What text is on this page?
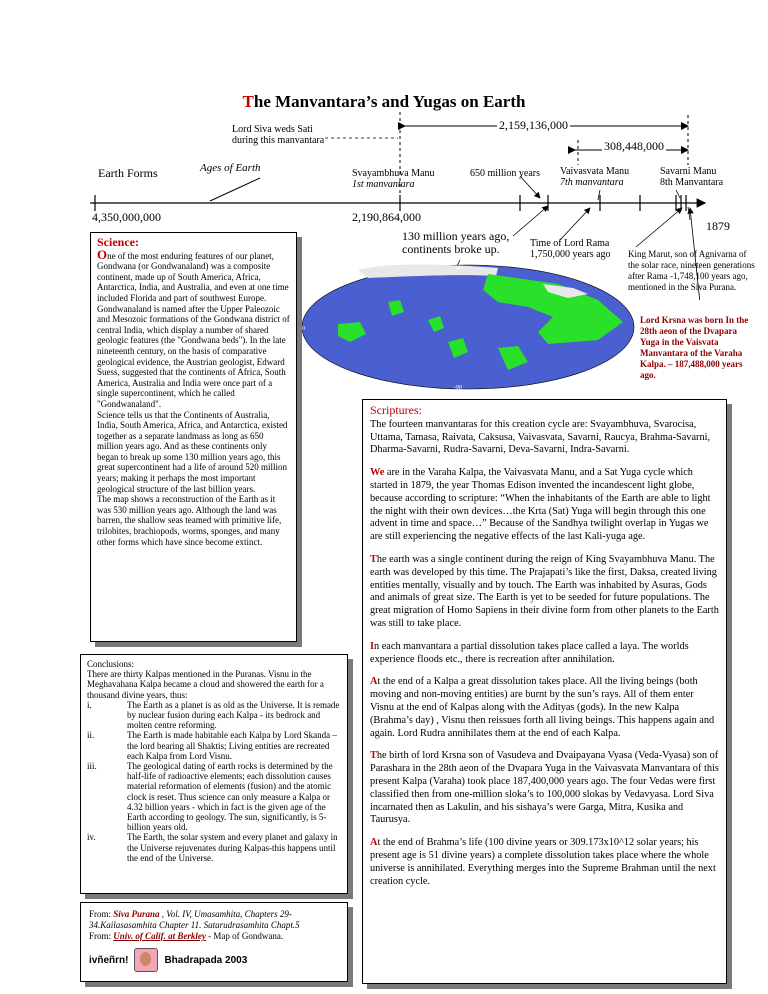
The Manvantara’s and Yugas on Earth
2,159,136,000
308,448,000
Lord Siva weds Sati
during this manvantara
Earth Forms	Ages of Earth	Svayambhuva Manu
1st manvantara
650 million years Vaivasvata Manu
7th manvantara
Savarni Manu
8th Manvantara
4,350,000,000	2,190,864,000
1879
130 million years ago,
continents broke up.	Time of Lord Rama
1,750,000 years ago King Marut, son of Agnivarna of the solar race, nineteen generations after Rama -1,748,100 years ago, mentioned in the Siva Purana.
Lord Krsna was born In the 28th aeon of the Dvapara Yuga in the Vaisvata Manvantara of the Varaha Kalpa. – 187,488,000 years ago.
90
45
0
-45
-90
Science:
One of the most enduring features of our planet, Gondwana (or Gondwanaland) was a composite continent, made up of South America, Africa, Antarctica, India, and Australia, and even at one time included Florida and part of southwest Europe. Gondwanaland is named after the Upper Paleozoic and Mesozoic formations of the Gondwana district of central India, which display a number of shared geologic features (the "Gondwana beds"). In the late nineteenth century, on the basis of comparative geological evidence, the Austrian geologist, Edward Suess, suggested that the continents of Africa, South America, Australia and India were once part of a single supercontinent, which he called "Gondwanaland".
Science tells us that the Continents of Australia, India, South America, Africa, and Antarctica, existed together as a separate landmass as long as 650 million years ago. And as these continents only began to break up some 130 million years ago, this great supercontinent had a life of around 520 million years; making it perhaps the most important geological structure of the last billion years.
The map shows a reconstruction of the Earth as it was 530 million years ago. Although the land was barren, the shallow seas teamed with primitive life, trilobites, brachiopods, worms, sponges, and many other forms which have since become extinct.
Conclusions:
There are thirty Kalpas mentioned in the Puranas. Visnu in the Meghavahana Kalpa became a cloud and showered the earth for a thousand divine years, thus:
i.	The Earth as a planet is as old as the Universe. It is remade by nuclear fusion during each Kalpa - its bedrock and molten centre reforming.
ii.	The Earth is made habitable each Kalpa by Lord Skanda – the lord bearing all Shaktis; Living entities are recreated each Kalpa from Lord Visnu.
iii.	The geological dating of earth rocks is determined by the half-life of radioactive elements; each dissolution causes material reformation of elements (fusion) and the atomic clock is reset. Thus science can only measure a Kalpa or 4.32 billion years - which in fact is the given age of the Earth according to geology. The sun, significantly, is 5-billion years old.
iv.	The Earth, the solar system and every planet and galaxy in the Universe rejuvenates during Kalpas-this happens until the end of the Universe.
From: Siva Purana , Vol. IV, Umasamhita, Chapters 29-34.Kailasasamhita Chapter 11. Satarudrasamhita Chapt.5
From: Univ. of Calif. at Berkley - Map of Gondwana.
ivñeñrn!	Bhadrapada 2003
Scriptures:

The fourteen manvantaras for this creation cycle are: Svayambhuva, Svarocisa, Uttama, Tamasa, Raivata, Caksusa, Vaivasvata, Savarni, Raucya, Brahma-Savarni, Dharma-Savarni, Rudra-Savarni, Deva-Savarni, Indra-Savarni.

We are in the Varaha Kalpa, the Vaivasvata Manu, and a Sat Yuga cycle which started in 1879, the year Thomas Edison invented the incandescent light globe, because according to scripture: “When the inhabitants of the Earth are able to light the night with their own devices…the Krta (Sat) Yuga will begin through this one advent in time and space…” Because of the Sandhya twilight overlap in Yugas we are still experiencing the negative effects of the last Kali-yuga age.

The earth was a single continent during the reign of King Svayambhuva Manu. The earth was developed by this time. The Prajapati’s like the first, Daksa, created living entities mentally, visually and by touch. The Earth was inhabited by Asuras, Gods and animals of great size. The Earth is yet to be seeded for future populations. The great migration of Homo Sapiens in their divine form from other planets to the Earth was still to take place.

In each manvantara a partial dissolution takes place called a laya. The worlds experience floods etc., there is recreation after annihilation.

At the end of a Kalpa a great dissolution takes place. All the living beings (both moving and non-moving entities) are burnt by the sun’s rays. All of them enter Visnu at the end of Kalpas along with the Adityas (gods). In the new Kalpa (Brahma’s day) , Visnu then reissues forth all living beings. This happens again and again. Lord Rudra annihilates them at the end of each Kalpa.

The birth of lord Krsna son of Vasudeva and Dvaipayana Vyasa (Veda-Vyasa) son of Parashara in the 28th aeon of the Dvapara Yuga in the Vaivasvata Manvantara of this present Kalpa (Varaha) took place 187,400,000 years ago. The four Vedas were first classified then from one-million sloka’s to 100,000 slokas by Vedavyasa. Lord Siva incarnated then as Lakulin, and his sishaya’s were Garga, Mitra, Kusika and Taurusya.

At the end of Brahma’s life (100 divine years or 309.173x10^12 solar years; his present age is 51 divine years) a complete dissolution takes place where the whole universe is annihilated. Everything merges into the Supreme Brahman until the next creation cycle.
